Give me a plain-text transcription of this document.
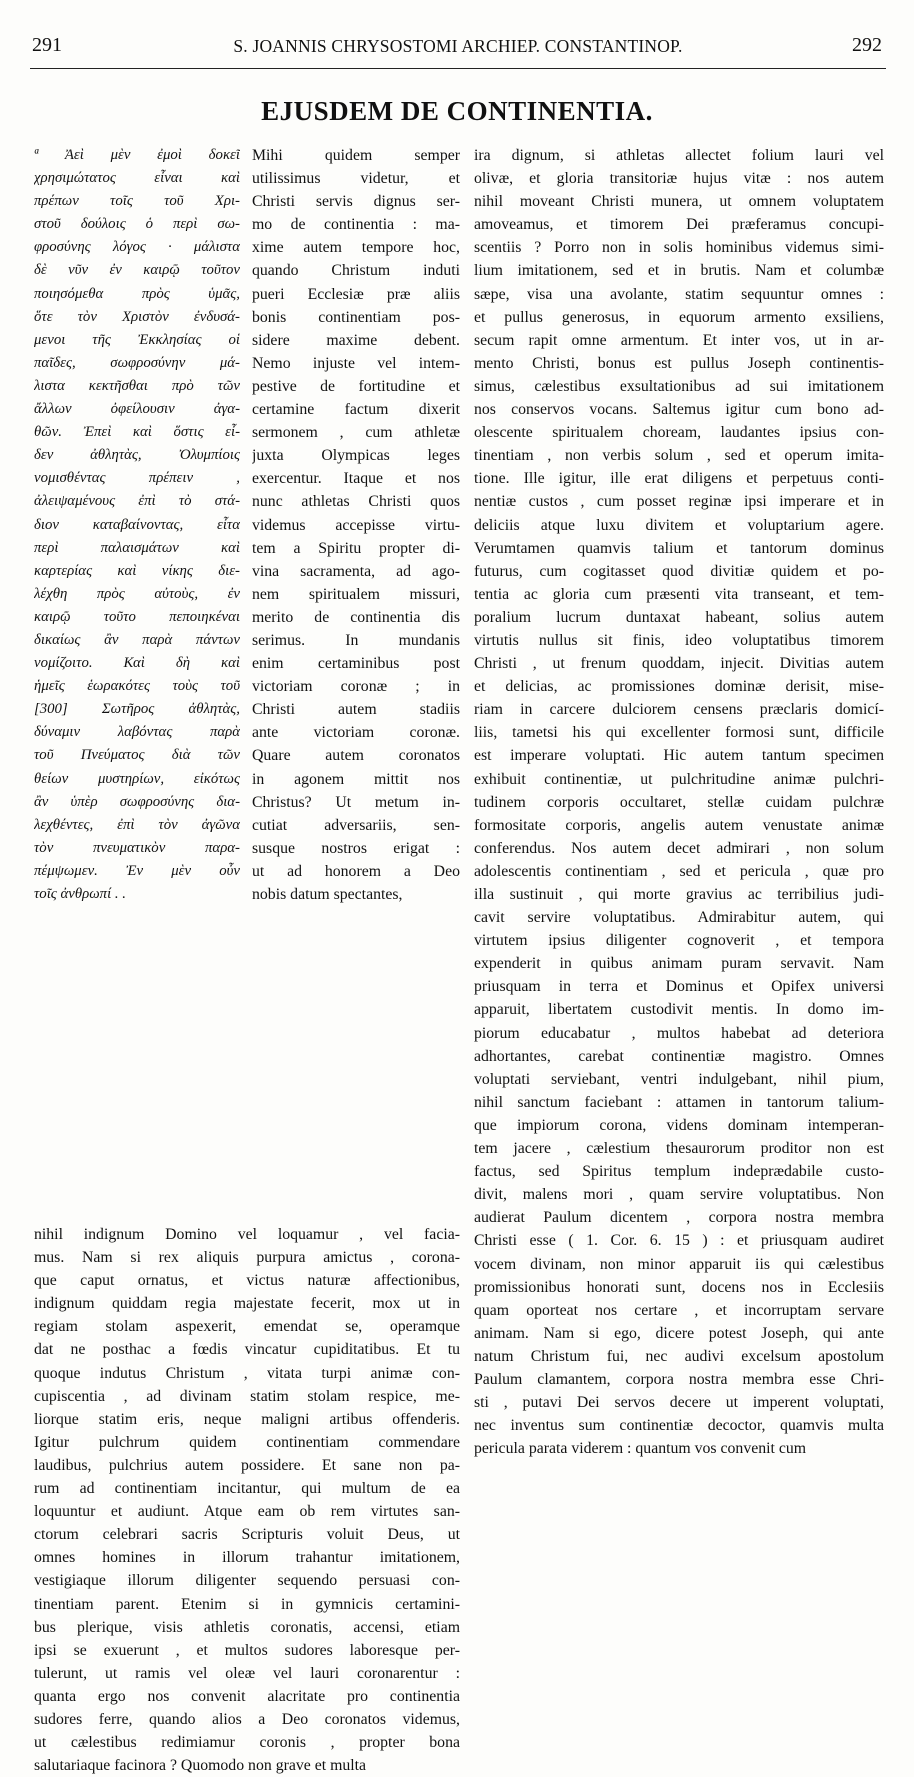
291	S. JOANNIS CHRYSOSTOMI ARCHIEP. CONSTANTINOP.	292
EJUSDEM DE CONTINENTIA.
ª Ἀεὶ μὲν ἐμοὶ δοκεῖ
χρησιμώτατος εἶναι καὶ
πρέπων τοῖς τοῦ Χρι-
στοῦ δούλοις ὁ περὶ σω-
φροσύνης λόγος · μάλιστα
δὲ νῦν ἐν καιρῷ τοῦτον
ποιησόμεθα πρὸς ὑμᾶς,
ὅτε τὸν Χριστὸν ἐνδυσά-
μενοι τῆς Ἐκκλησίας οἱ
παῖδες, σωφροσύνην μά-
λιστα κεκτῆσθαι πρὸ τῶν
ἄλλων ὀφείλουσιν ἀγα-
θῶν. Ἐπεὶ καὶ ὅστις εἶ-
δεν ἀθλητὰς, Ὀλυμπίοις
νομισθέντας πρέπειν ,
ἀλειψαμένους ἐπὶ τὸ στά-
διον καταβαίνοντας, εἶτα
περὶ παλαισμάτων καὶ
καρτερίας καὶ νίκης διε-
λέχθη πρὸς αὐτοὺς, ἐν
καιρῷ τοῦτο πεποιηκέναι
δικαίως ἂν παρὰ πάντων
νομίζοιτο. Καὶ δὴ καὶ
ἡμεῖς ἑωρακότες τοὺς τοῦ
[300] Σωτῆρος ἀθλητὰς,
δύναμιν λαβόντας παρὰ
τοῦ Πνεύματος διὰ τῶν
θείων μυστηρίων, εἰκότως
ἂν ὑπὲρ σωφροσύνης δια-
λεχθέντες, ἐπὶ τὸν ἀγῶνα
τὸν πνευματικὸν παρα-
πέμψωμεν. Ἐν μὲν οὖν
τοῖς ἀνθρωπί . .
Mihi quidem semper
utilissimus videtur, et
Christi servis dignus ser-
mo de continentia : ma-
xime autem tempore hoc,
quando Christum induti
pueri Ecclesiæ præ aliis
bonis continentiam pos-
sidere maxime debent.
Nemo injuste vel intem-
pestive de fortitudine et
certamine factum dixerit
sermonem , cum athletæ
juxta Olympicas leges
exercentur. Itaque et nos
nunc athletas Christi quos
videmus accepisse virtu-
tem a Spiritu propter di-
vina sacramenta, ad ago-
nem spiritualem missuri,
merito de continentia dis
serimus. In mundanis
enim certaminibus post
victoriam coronæ ; in
Christi autem stadiis
ante victoriam coronæ.
Quare autem coronatos
in agonem mittit nos
Christus? Ut metum in-
cutiat adversariis, sen-
susque nostros erigat :
ut ad honorem a Deo
nobis datum spectantes,
nihil indignum Domino vel loquamur , vel facia-
mus. Nam si rex aliquis purpura amictus , corona-
que caput ornatus, et victus naturæ affectionibus,
indignum quiddam regia majestate fecerit, mox ut in
regiam stolam aspexerit, emendat se, operamque
dat ne posthac a fœdis vincatur cupiditatibus. Et tu
quoque indutus Christum , vitata turpi animæ con-
cupiscentia , ad divinam statim stolam respice, me-
liorque statim eris, neque maligni artibus offenderis.
Igitur pulchrum quidem continentiam commendare
laudibus, pulchrius autem possidere. Et sane non pa-
rum ad continentiam incitantur, qui multum de ea
loquuntur et audiunt. Atque eam ob rem virtutes san-
ctorum celebrari sacris Scripturis voluit Deus, ut
omnes homines in illorum trahantur imitationem,
vestigiaque illorum diligenter sequendo persuasi con-
tinentiam parent. Etenim si in gymnicis certamini-
bus plerique, visis athletis coronatis, accensi, etiam
ipsi se exuerunt , et multos sudores laboresque per-
tulerunt, ut ramis vel oleæ vel lauri coronarentur :
quanta ergo nos convenit alacritate pro continentia
sudores ferre, quando alios a Deo coronatos videmus,
ut cælestibus redimiamur coronis , propter bona
salutariaque facinora ? Quomodo non grave et multa
ira dignum, si athletas allectet folium lauri vel
olivæ, et gloria transitoriæ hujus vitæ : nos autem
nihil moveant Christi munera, ut omnem voluptatem
amoveamus, et timorem Dei præferamus concupi-
scentiis ? Porro non in solis hominibus videmus simi-
lium imitationem, sed et in brutis. Nam et columbæ
sæpe, visa una avolante, statim sequuntur omnes :
et pullus generosus, in equorum armento exsiliens,
secum rapit omne armentum. Et inter vos, ut in ar-
mento Christi, bonus est pullus Joseph continentis-
simus, cælestibus exsultationibus ad sui imitationem
nos conservos vocans. Saltemus igitur cum bono ad-
olescente spiritualem choream, laudantes ipsius con-
tinentiam , non verbis solum , sed et operum imita-
tione. Ille igitur, ille erat diligens et perpetuus conti-
nentiæ custos , cum posset reginæ ipsi imperare et in
deliciis atque luxu divitem et voluptarium agere.
Verumtamen quamvis talium et tantorum dominus
futurus, cum cogitasset quod divitiæ quidem et po-
tentia ac gloria cum præsenti vita transeant, et tem-
poralium lucrum duntaxat habeant, solius autem
virtutis nullus sit finis, ideo voluptatibus timorem
Christi , ut frenum quoddam, injecit. Divitias autem
et delicias, ac promissiones dominæ derisit, mise-
riam in carcere dulciorem censens præclaris domicí-
liis, tametsi his qui excellenter formosi sunt, difficile
est imperare voluptati. Hic autem tantum specimen
exhibuit continentiæ, ut pulchritudine animæ pulchri-
tudinem corporis occultaret, stellæ cuidam pulchræ
formositate corporis, angelis autem venustate animæ
conferendus. Nos autem decet admirari , non solum
adolescentis continentiam , sed et pericula , quæ pro
illa sustinuit , qui morte gravius ac terribilius judi-
cavit servire voluptatibus. Admirabitur autem, qui
virtutem ipsius diligenter cognoverit , et tempora
expenderit in quibus animam puram servavit. Nam
priusquam in terra et Dominus et Opifex universi
apparuit, libertatem custodivit mentis. In domo im-
piorum educabatur , multos habebat ad deteriora
adhortantes, carebat continentiæ magistro. Omnes
voluptati serviebant, ventri indulgebant, nihil pium,
nihil sanctum faciebant : attamen in tantorum talium-
que impiorum corona, videns dominam intemperan-
tem jacere , cælestium thesaurorum proditor non est
factus, sed Spiritus templum indeprædabile custo-
divit, malens mori , quam servire voluptatibus. Non
audierat Paulum dicentem , corpora nostra membra
Christi esse ( 1. Cor. 6. 15 ) : et priusquam audiret
vocem divinam, non minor apparuit iis qui cælestibus
promissionibus honorati sunt, docens nos in Ecclesiis
quam oporteat nos certare , et incorruptam servare
animam. Nam si ego, dicere potest Joseph, qui ante
natum Christum fui, nec audivi excelsum apostolum
Paulum clamantem, corpora nostra membra esse Chri-
sti , putavi Dei servos decere ut imperent voluptati,
nec inventus sum continentiæ decoctor, quamvis multa
pericula parata viderem : quantum vos convenit cum
